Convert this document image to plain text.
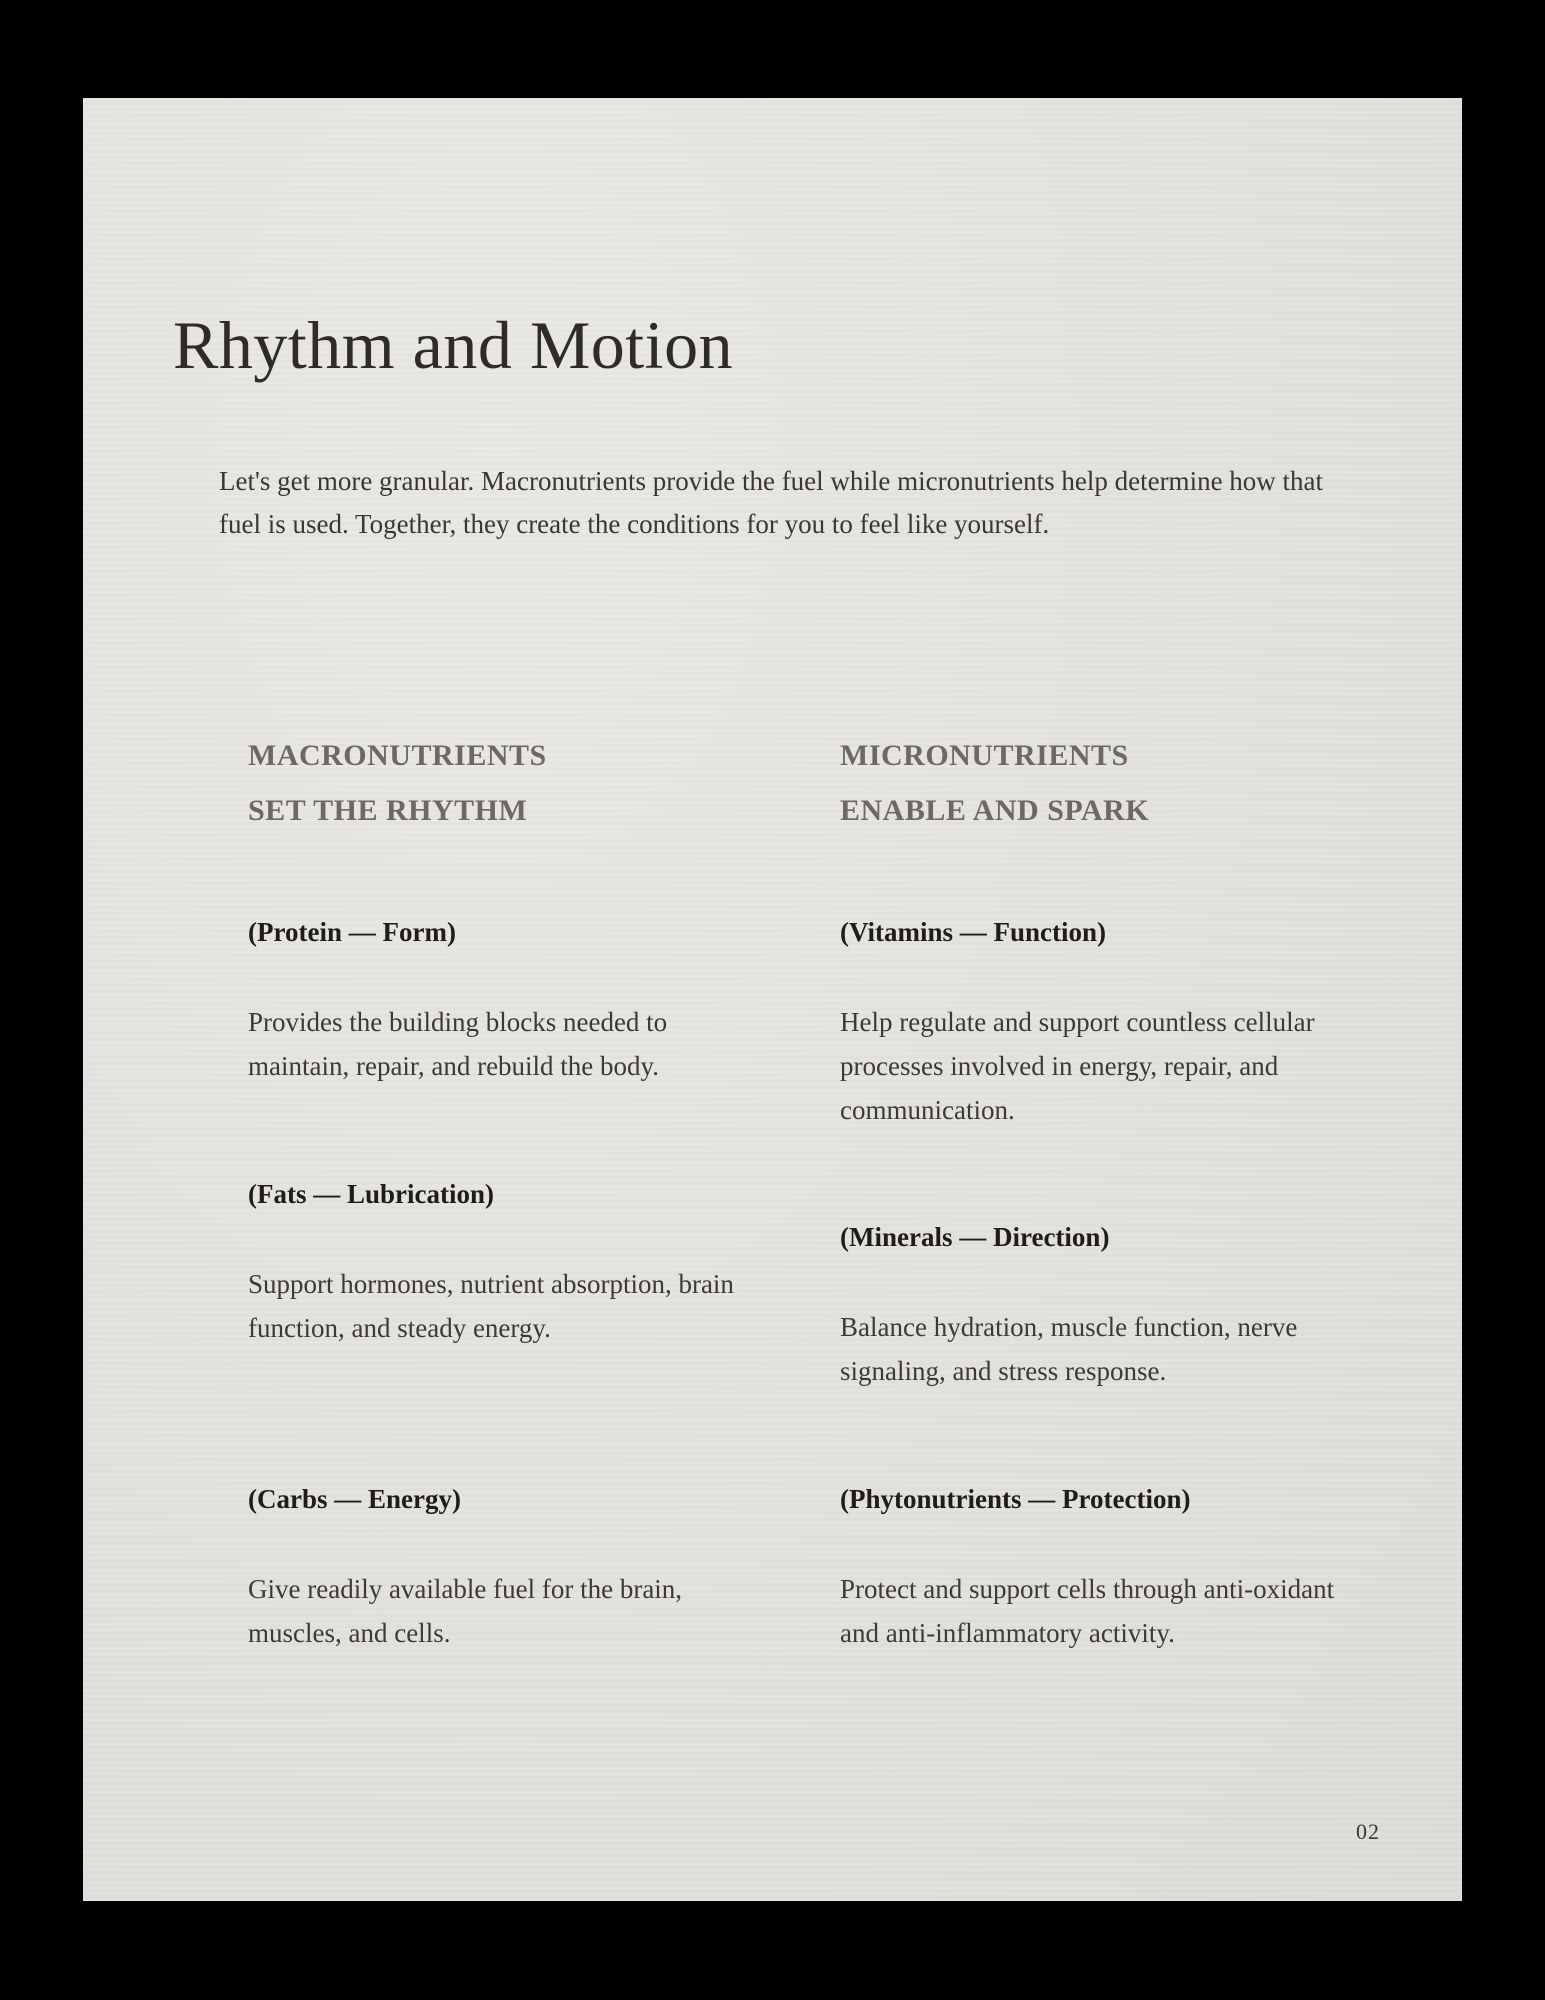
Rhythm and Motion

Let's get more granular. Macronutrients provide the fuel while micronutrients help determine how that fuel is used. Together, they create the conditions for you to feel like yourself.

MACRONUTRIENTS
SET THE RHYTHM
(Protein — Form)
Provides the building blocks needed to maintain, repair, and rebuild the body.
(Fats — Lubrication)
Support hormones, nutrient absorption, brain function, and steady energy.
(Carbs — Energy)
Give readily available fuel for the brain, muscles, and cells.
MICRONUTRIENTS
ENABLE AND SPARK
(Vitamins — Function)
Help regulate and support countless cellular processes involved in energy, repair, and communication.
(Minerals — Direction)
Balance hydration, muscle function, nerve signaling, and stress response.
(Phytonutrients — Protection)
Protect and support cells through anti-oxidant and anti-inflammatory activity.
02
